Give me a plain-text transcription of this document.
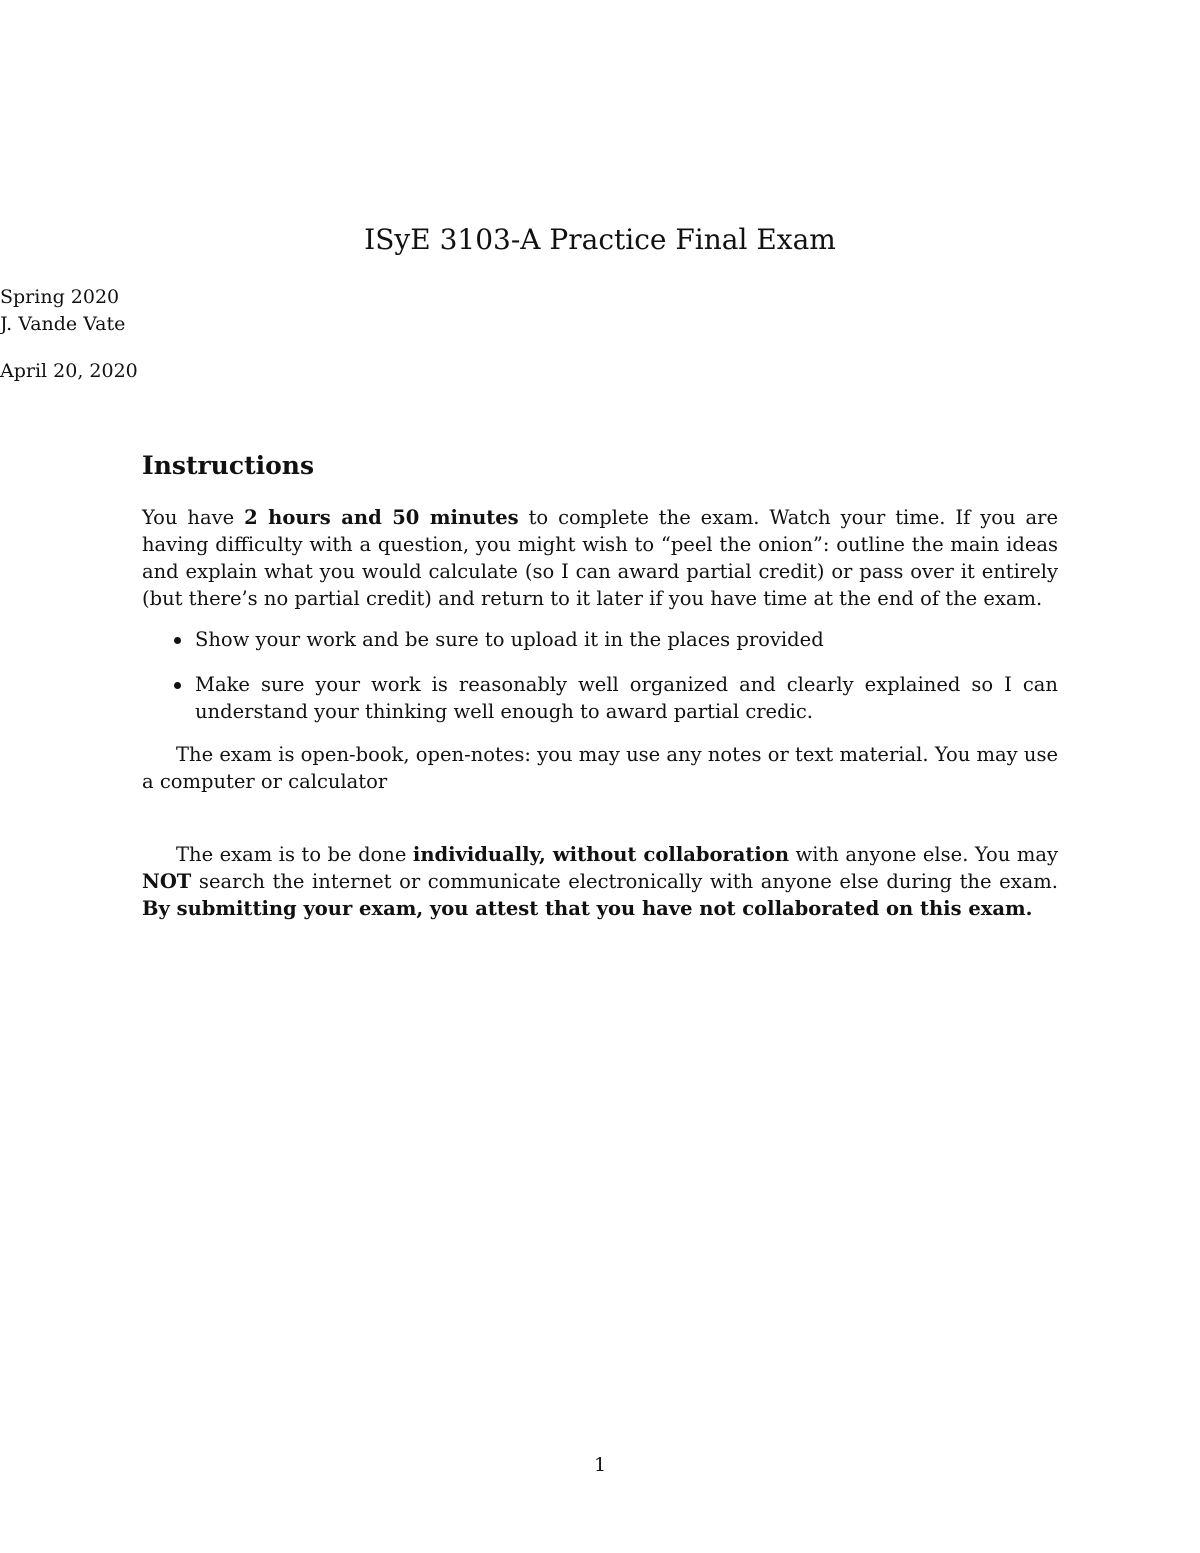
ISyE 3103-A Practice Final Exam

Spring 2020

J. Vande Vate

April 20, 2020

Instructions

You have 2 hours and 50 minutes to complete the exam. Watch your time. If you are having difficulty with a question, you might wish to “peel the onion”: outline the main ideas and explain what you would calculate (so I can award partial credit) or pass over it entirely (but there’s no partial credit) and return to it later if you have time at the end of the exam.

Show your work and be sure to upload it in the places provided
Make sure your work is reasonably well organized and clearly explained so I can understand your thinking well enough to award partial credic.

The exam is open-book, open-notes: you may use any notes or text material. You may use a computer or calculator

The exam is to be done individually, without collaboration with anyone else. You may NOT search the internet or communicate electronically with anyone else during the exam. By submitting your exam, you attest that you have not collaborated on this exam.

1
